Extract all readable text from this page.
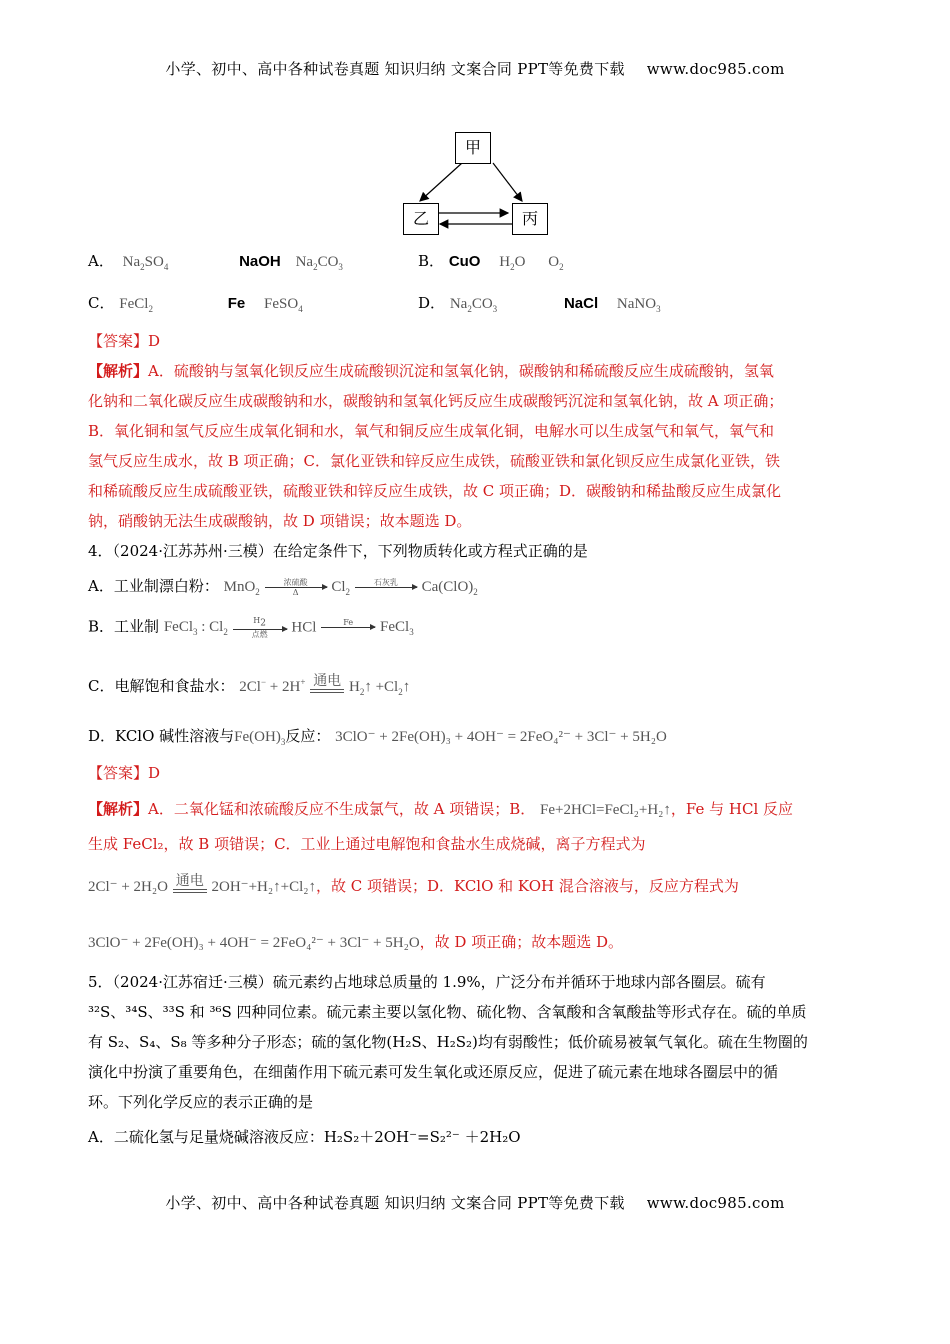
小学、初中、高中各种试卷真题 知识归纳 文案合同 PPT等免费下载 www.doc985.com
甲
乙	丙
A． $Na_2SO_4$	NaOH $Na_2CO_3$	B． CuO $H_2O$ $O_2$
C． FeCl$_2$	Fe FeSO$_4$	D． $Na_2CO_3$	NaCl NaNO$_3$
【答案】D
【解析】A．硫酸钠与氢氧化钡反应生成硫酸钡沉淀和氢氧化钠，碳酸钠和稀硫酸反应生成硫酸钠，氢氧
化钠和二氧化碳反应生成碳酸钠和水，碳酸钠和氢氧化钙反应生成碳酸钙沉淀和氢氧化钠，故 A 项正确；
B．氧化铜和氢气反应生成氧化铜和水，氧气和铜反应生成氧化铜，电解水可以生成氢气和氧气，氧气和
氢气反应生成水，故 B 项正确；C．氯化亚铁和锌反应生成铁，硫酸亚铁和氯化钡反应生成氯化亚铁，铁
和稀硫酸反应生成硫酸亚铁，硫酸亚铁和锌反应生成铁，故 C 项正确；D．碳酸钠和稀盐酸反应生成氯化
钠，硝酸钠无法生成碳酸钠，故 D 项错误；故本题选 D。
4．（2024·江苏苏州·三模）在给定条件下，下列物质转化或方程式正确的是
A．工业制漂白粉： MnO$_2$
浓硫酸
Δ	$Cl_2$
石灰乳
	$Ca(ClO)_2$
B．工业制 FeCl$_3$ : $Cl_2$
$H_2$
点燃	HCl	Fe
	FeCl$_3$
C．电解饱和食盐水： 2Cl− + 2H+ 通电 $H_2↑$ $+Cl_2↑$
D．KClO 碱性溶液与$Fe(OH)_3$反应： 3ClO⁻ + 2Fe(OH)₃ + 4OH⁻ = 2FeO₄²⁻ + 3Cl⁻ + 5H₂O
【答案】D
【解析】A．二氧化锰和浓硫酸反应不生成氯气，故 A 项错误；B． Fe+2HCl=FeCl₂+H₂↑，Fe 与 HCl 反应
生成 FeCl₂，故 B 项错误；C．工业上通过电解饱和食盐水生成烧碱，离子方程式为
2Cl⁻ + 2H₂O 通电 2OH⁻+H₂↑+Cl₂↑，故 C 项错误；D．KClO 和 KOH 混合溶液与，反应方程式为
3ClO⁻ + 2Fe(OH)₃ + 4OH⁻ = 2FeO₄²⁻ + 3Cl⁻ + 5H₂O，故 D 项正确；故本题选 D。
5．（2024·江苏宿迁·三模）硫元素约占地球总质量的 1.9%，广泛分布并循环于地球内部各圈层。硫有
³²S、³⁴S、³³S 和 ³⁶S 四种同位素。硫元素主要以氢化物、硫化物、含氧酸和含氧酸盐等形式存在。硫的单质
有 S₂、S₄、S₈ 等多种分子形态；硫的氢化物(H₂S、H₂S₂)均有弱酸性；低价硫易被氧气氧化。硫在生物圈的
演化中扮演了重要角色，在细菌作用下硫元素可发生氧化或还原反应，促进了硫元素在地球各圈层中的循
环。下列化学反应的表示正确的是
A．二硫化氢与足量烧碱溶液反应：H₂S₂＋2OH⁻=S₂²⁻ ＋2H₂O
小学、初中、高中各种试卷真题 知识归纳 文案合同 PPT等免费下载 www.doc985.com
